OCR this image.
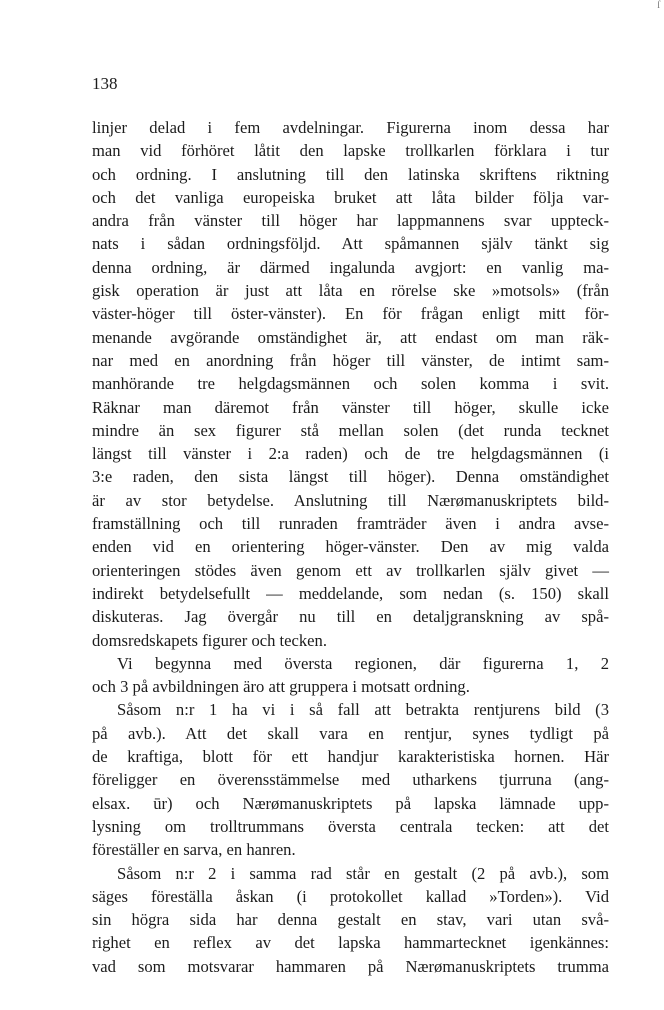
ſ
138
linjer delad i fem avdelningar. Figurerna inom dessa har
man vid förhöret låtit den lapske trollkarlen förklara i tur
och ordning. I anslutning till den latinska skriftens riktning
och det vanliga europeiska bruket att låta bilder följa var-
andra från vänster till höger har lappmannens svar uppteck-
nats i sådan ordningsföljd. Att spåmannen själv tänkt sig
denna ordning, är därmed ingalunda avgjort: en vanlig ma-
gisk operation är just att låta en rörelse ske »motsols» (från
väster-höger till öster-vänster). En för frågan enligt mitt för-
menande avgörande omständighet är, att endast om man räk-
nar med en anordning från höger till vänster, de intimt sam-
manhörande tre helgdagsmännen och solen komma i svit.
Räknar man däremot från vänster till höger, skulle icke
mindre än sex figurer stå mellan solen (det runda tecknet
längst till vänster i 2:a raden) och de tre helgdagsmännen (i
3:e raden, den sista längst till höger). Denna omständighet
är av stor betydelse. Anslutning till Nærømanuskriptets bild-
framställning och till runraden framträder även i andra avse-
enden vid en orientering höger-vänster. Den av mig valda
orienteringen stödes även genom ett av trollkarlen själv givet —
indirekt betydelsefullt — meddelande, som nedan (s. 150) skall
diskuteras. Jag övergår nu till en detaljgranskning av spå-
domsredskapets figurer och tecken.
Vi begynna med översta regionen, där figurerna 1, 2
och 3 på avbildningen äro att gruppera i motsatt ordning.
Såsom n:r 1 ha vi i så fall att betrakta rentjurens bild (3
på avb.). Att det skall vara en rentjur, synes tydligt på
de kraftiga, blott för ett handjur karakteristiska hornen. Här
föreligger en överensstämmelse med utharkens tjurruna (ang-
elsax. ūr) och Nærømanuskriptets på lapska lämnade upp-
lysning om trolltrummans översta centrala tecken: att det
föreställer en sarva, en hanren.
Såsom n:r 2 i samma rad står en gestalt (2 på avb.), som
säges föreställa åskan (i protokollet kallad »Torden»). Vid
sin högra sida har denna gestalt en stav, vari utan svå-
righet en reflex av det lapska hammartecknet igenkännes:
vad som motsvarar hammaren på Nærømanuskriptets trumma
